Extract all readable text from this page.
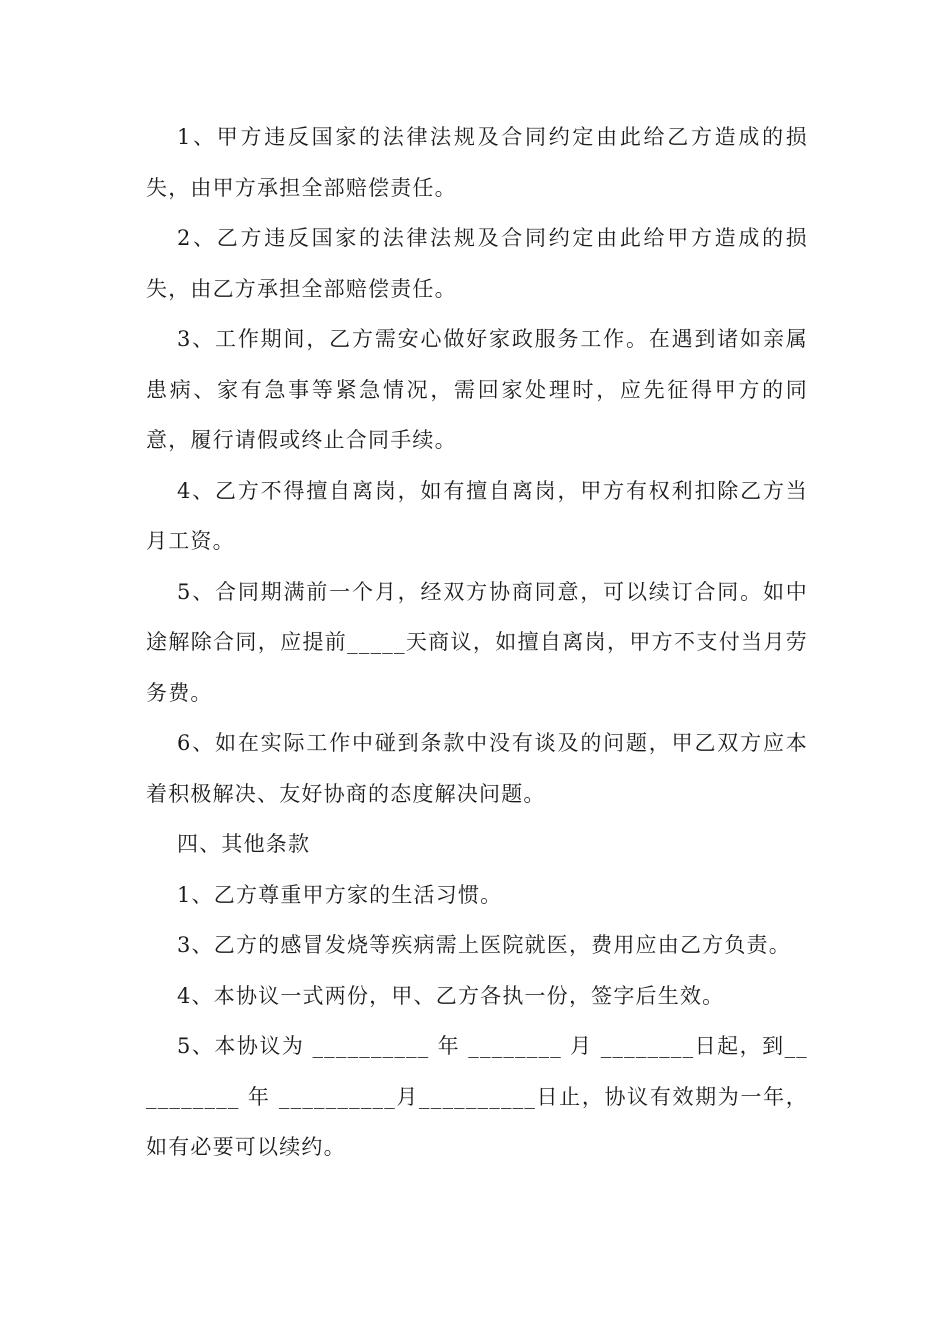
1、甲方违反国家的法律法规及合同约定由此给乙方造成的损失，由甲方承担全部赔偿责任。

2、乙方违反国家的法律法规及合同约定由此给甲方造成的损失，由乙方承担全部赔偿责任。

3、工作期间，乙方需安心做好家政服务工作。在遇到诸如亲属患病、家有急事等紧急情况，需回家处理时，应先征得甲方的同意，履行请假或终止合同手续。

4、乙方不得擅自离岗，如有擅自离岗，甲方有权利扣除乙方当月工资。

5、合同期满前一个月，经双方协商同意，可以续订合同。如中途解除合同，应提前_____天商议，如擅自离岗，甲方不支付当月劳务费。

6、如在实际工作中碰到条款中没有谈及的问题，甲乙双方应本着积极解决、友好协商的态度解决问题。

四、其他条款

1、乙方尊重甲方家的生活习惯。

3、乙方的感冒发烧等疾病需上医院就医，费用应由乙方负责。

4、本协议一式两份，甲、乙方各执一份，签字后生效。

5、本协议为 __________ 年 ________ 月 ________日起，到__________ 年 __________月__________日止，协议有效期为一年，如有必要可以续约。
